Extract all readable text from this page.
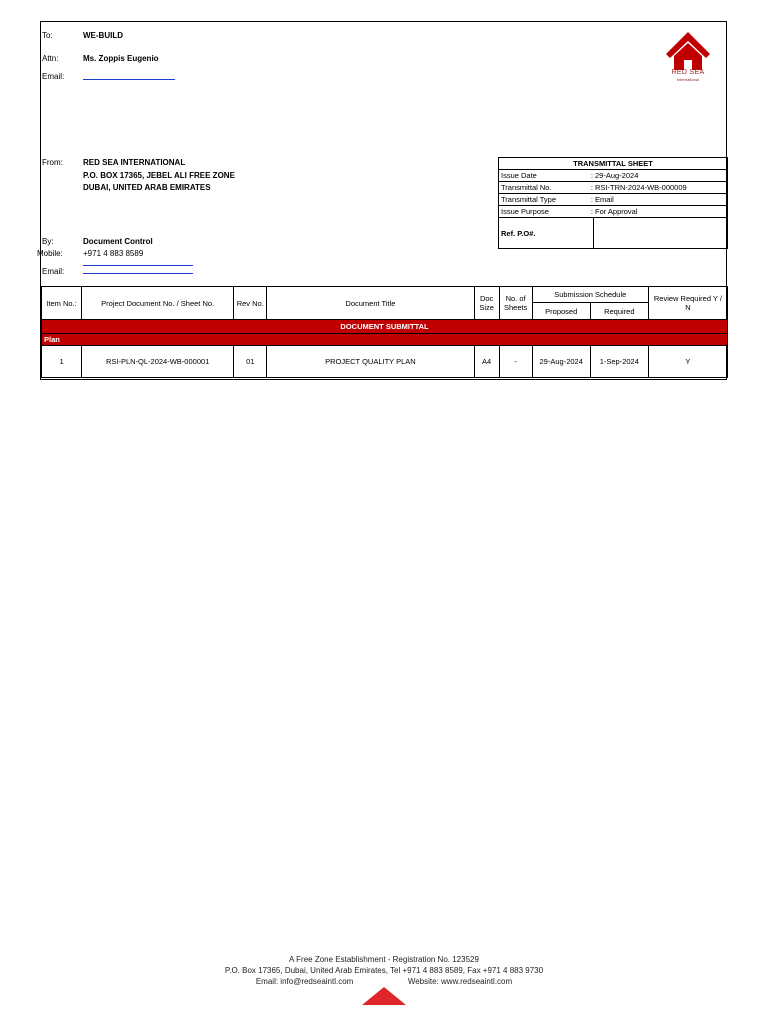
To:	WE-BUILD
Attn:	Ms. Zoppis Eugenio
Email:	RED SEA
International
From:	RED SEA INTERNATIONAL
P.O. BOX 17365, JEBEL ALI FREE ZONE
DUBAI, UNITED ARAB EMIRATES
TRANSMITTAL SHEET		
Issue Date	:	29-Aug-2024
Transmittal No.	:	RSI-TRN-2024-WB-000009
Transmittal Type	:	Email
Issue Purpose	:	For Approval
Ref. P.O#.		
By:	Document Control
Mobile:	+971 4 883 8589
Email:
Item No.:	Project Document No. / Sheet No.	Rev No.	Document Title	Doc Size	No. of Sheets	Submission Schedule		Review Required Y / N
						Proposed	Required	
DOCUMENT SUBMITTAL								
Plan								
1	RSI-PLN-QL-2024-WB-000001	01	PROJECT QUALITY PLAN	A4	-	29-Aug-2024	1-Sep-2024	Y
A Free Zone Establishment - Registration No. 123529
P.O. Box 17365, Dubai, United Arab Emirates, Tel +971 4 883 8589, Fax +971 4 883 9730
Email: info@redseaintl.com	Website: www.redseaintl.com
